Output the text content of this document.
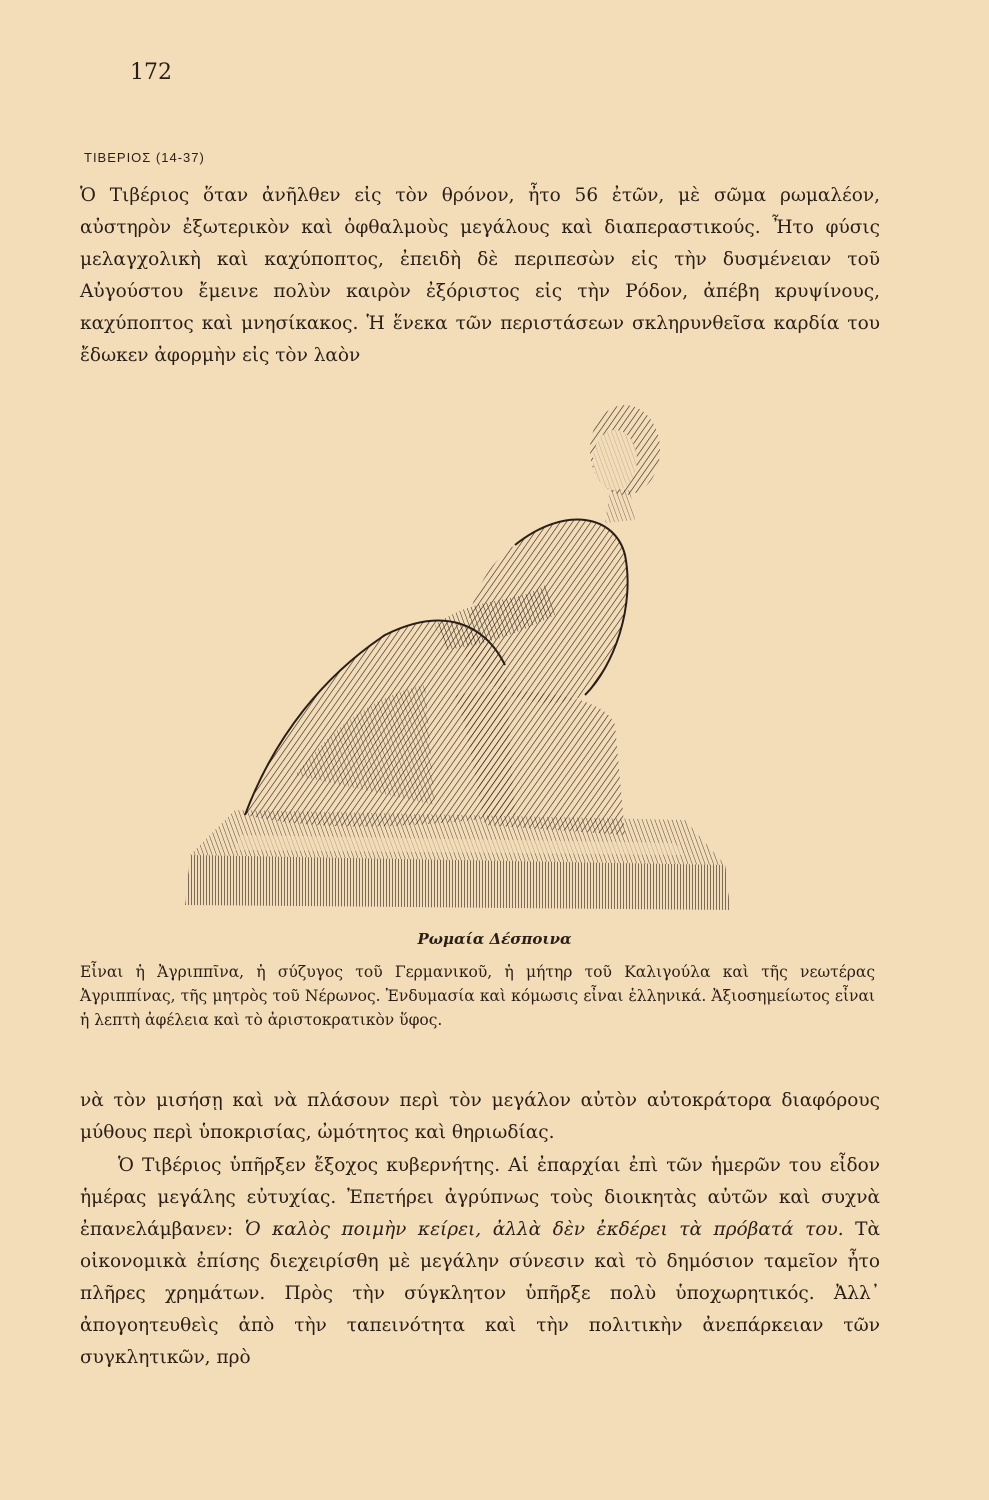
172
ΤΙΒΕΡΙΟΣ (14-37)
Ὁ Τιβέριος ὅταν ἀνῆλθεν εἰς τὸν θρόνον, ἦτο 56 ἐτῶν, μὲ σῶμα ρωμαλέον, αὐστηρὸν ἐξωτερικὸν καὶ ὀφθαλμοὺς μεγάλους καὶ διαπεραστικούς. Ἦτο φύσις μελαγχολικὴ καὶ καχύποπτος, ἐπειδὴ δὲ περιπεσὼν εἰς τὴν δυσμένειαν τοῦ Αὐγούστου ἔμεινε πολὺν καιρὸν ἐξόριστος εἰς τὴν Ρόδον, ἀπέβη κρυψίνους, καχύποπτος καὶ μνησίκακος. Ἡ ἕνεκα τῶν περιστάσεων σκληρυνθεῖσα καρδία του ἔδωκεν ἀφορμὴν εἰς τὸν λαὸν
Ρωμαία Δέσποινα
Εἶναι ἡ Ἀγριππῖνα, ἡ σύζυγος τοῦ Γερμανικοῦ, ἡ μήτηρ τοῦ Καλιγούλα καὶ τῆς νεωτέρας Ἀγριππίνας, τῆς μητρὸς τοῦ Νέρωνος. Ἐνδυμασία καὶ κόμωσις εἶναι ἑλληνικά. Ἀξιοσημείωτος εἶναι ἡ λεπτὴ ἀφέλεια καὶ τὸ ἀριστοκρατικὸν ὕφος.
νὰ τὸν μισήσῃ καὶ νὰ πλάσουν περὶ τὸν μεγάλον αὐτὸν αὐτοκράτορα διαφόρους μύθους περὶ ὑποκρισίας, ὠμότητος καὶ θηριωδίας.
Ὁ Τιβέριος ὑπῆρξεν ἔξοχος κυβερνήτης. Αἱ ἐπαρχίαι ἐπὶ τῶν ἡμερῶν του εἶδον ἡμέρας μεγάλης εὐτυχίας. Ἐπετήρει ἀγρύπνως τοὺς διοικητὰς αὐτῶν καὶ συχνὰ ἐπανελάμβανεν: Ὁ καλὸς ποιμὴν κείρει, ἀλλὰ δὲν ἐκδέρει τὰ πρόβατά του. Τὰ οἰκονομικὰ ἐπίσης διεχειρίσθη μὲ μεγάλην σύνεσιν καὶ τὸ δημόσιον ταμεῖον ἦτο πλῆρες χρημάτων. Πρὸς τὴν σύγκλητον ὑπῆρξε πολὺ ὑποχωρητικός. Ἀλλ᾽ ἀπογοητευθεὶς ἀπὸ τὴν ταπεινότητα καὶ τὴν πολιτικὴν ἀνεπάρκειαν τῶν συγκλητικῶν, πρὸ
